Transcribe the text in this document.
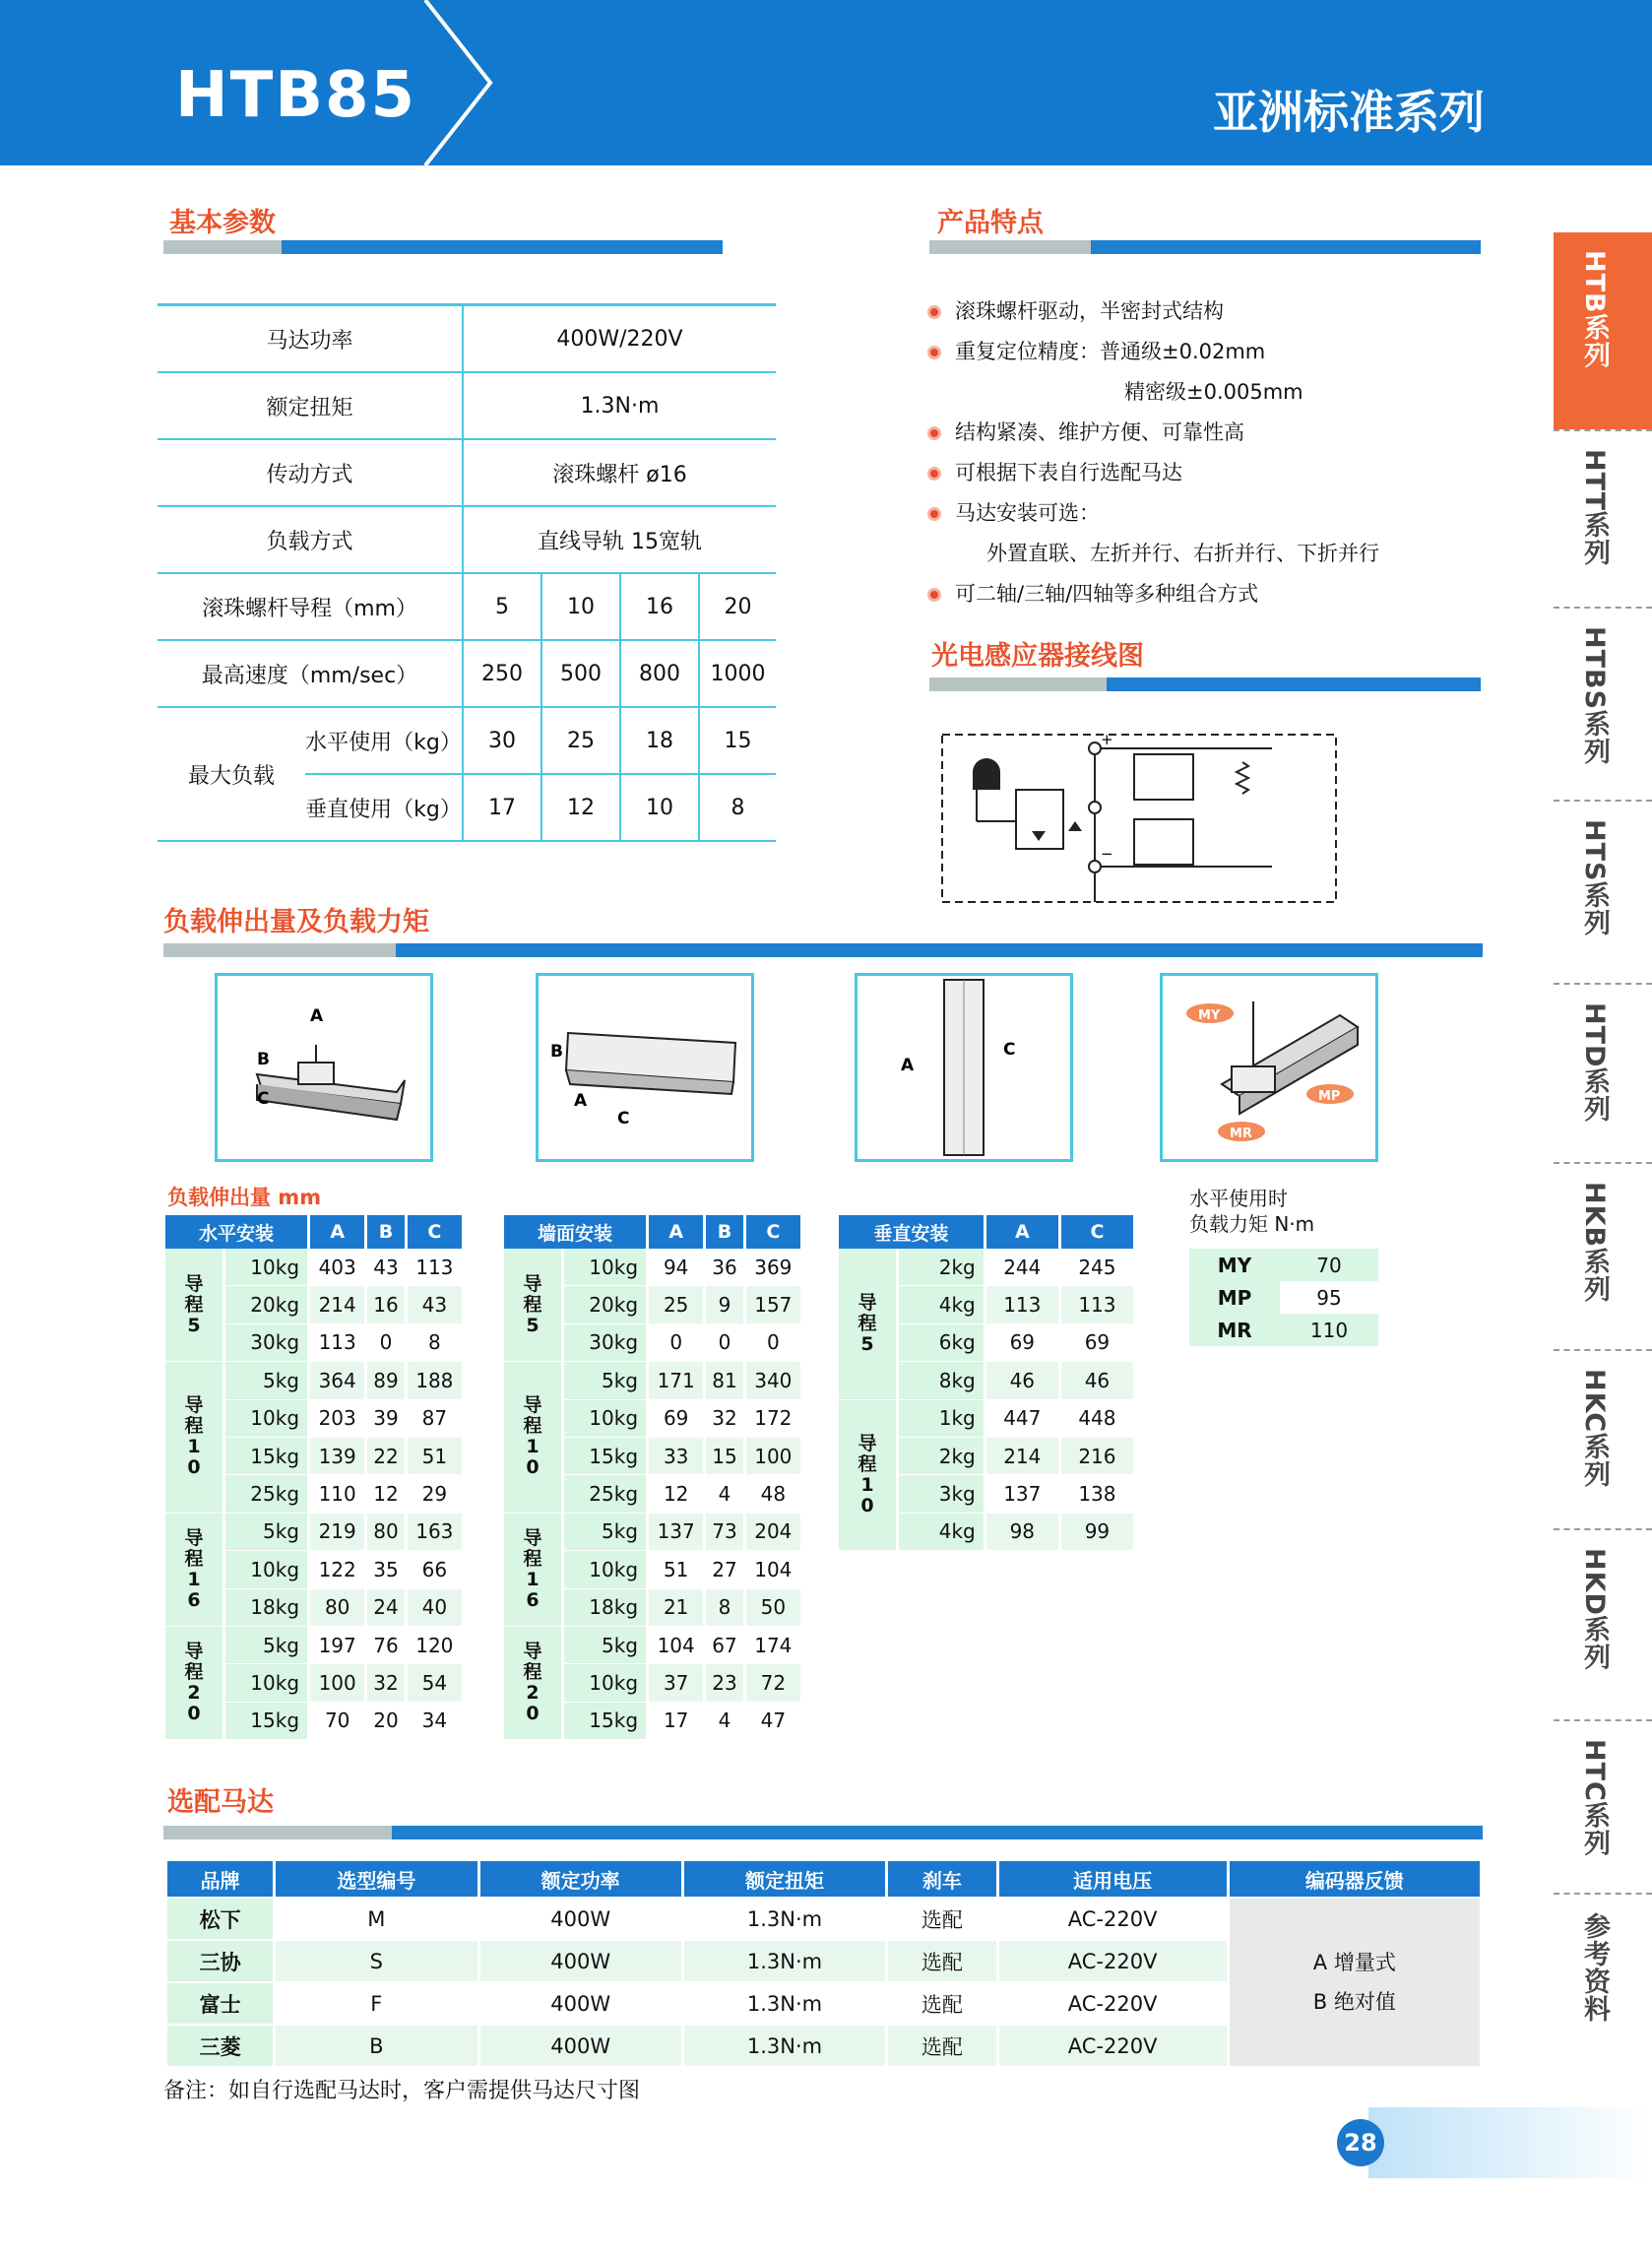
HTB85	亚洲标准系列
基本参数
马达功率		400W/220V			
额定扭矩		1.3N·m			
传动方式		滚珠螺杆 ø16			
负载方式		直线导轨 15宽轨			
滚珠螺杆导程（mm）		5	10	16	20
最高速度（mm/sec）		250	500	800	1000
最大负载	水平使用（kg）	30	25	18	15
	垂直使用（kg）	17	12	10	8
产品特点
滚珠螺杆驱动，半密封式结构
重复定位精度：普通级±0.02mm
精密级±0.005mm
结构紧凑、维护方便、可靠性高
可根据下表自行选配马达
马达安装可选：
外置直联、左折并行、右折并行、下折并行
可二轴/三轴/四轴等多种组合方式
光电感应器接线图
+
−
负载伸出量及负载力矩
A
B
C
B
A
C
A
C
MY
MP
MR
负载伸出量 mm
水平安装		A	B	C
导程5	10kg	403	43	113
	20kg	214	16	43
	30kg	113	0	8
导程10	5kg	364	89	188
	10kg	203	39	87
	15kg	139	22	51
	25kg	110	12	29
导程16	5kg	219	80	163
	10kg	122	35	66
	18kg	80	24	40
导程20	5kg	197	76	120
	10kg	100	32	54
	15kg	70	20	34
墙面安装		A	B	C
导程5	10kg	94	36	369
	20kg	25	9	157
	30kg	0	0	0
导程10	5kg	171	81	340
	10kg	69	32	172
	15kg	33	15	100
	25kg	12	4	48
导程16	5kg	137	73	204
	10kg	51	27	104
	18kg	21	8	50
导程20	5kg	104	67	174
	10kg	37	23	72
	15kg	17	4	47
垂直安装		A	C
导程5	2kg	244	245
	4kg	113	113
	6kg	69	69
	8kg	46	46
导程10	1kg	447	448
	2kg	214	216
	3kg	137	138
	4kg	98	99
水平使用时
负载力矩 N·m
MY	70
MP	95
MR	110
选配马达
品牌	选型编号	额定功率	额定扭矩	刹车	适用电压	编码器反馈
松下	M	400W	1.3N·m	选配	AC-220V	A 增量式
B 绝对值

三协	S	400W	1.3N·m	选配	AC-220V	
富士	F	400W	1.3N·m	选配	AC-220V	
三菱	B	400W	1.3N·m	选配	AC-220V	
备注：如自行选配马达时，客户需提供马达尺寸图
HTB系列
HTT系列
HTBS系列
HTS系列
HTD系列
HKB系列
HKC系列
HKD系列
HTC系列
参考资料
28
